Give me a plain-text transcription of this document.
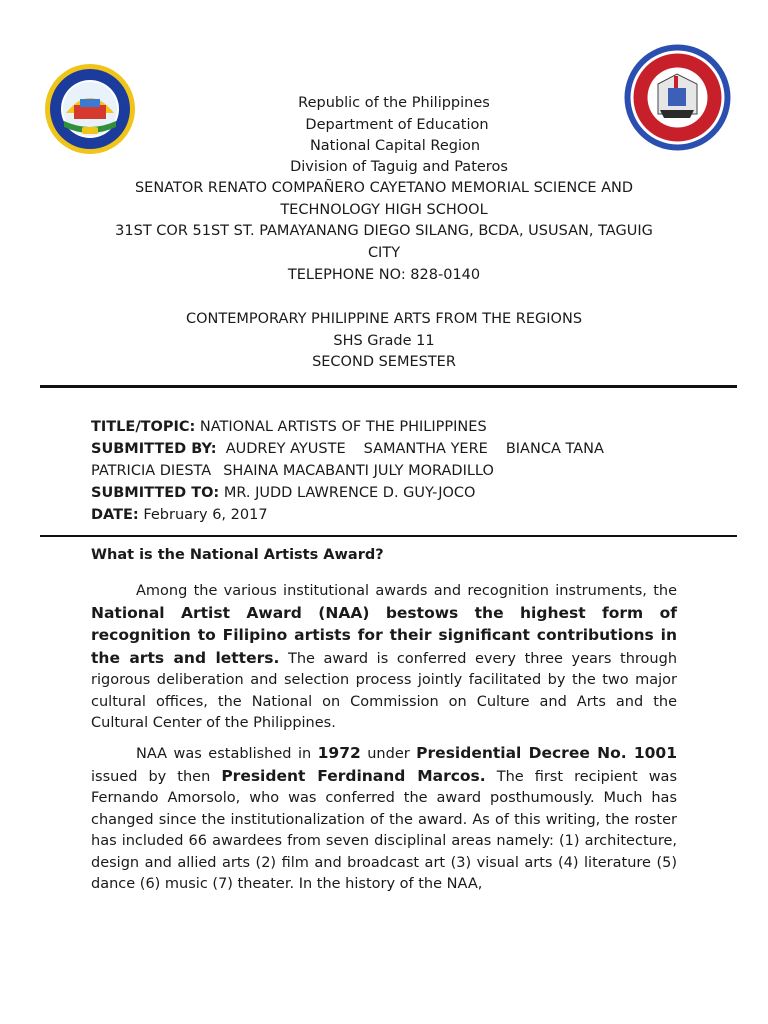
Republic of the Philippines
Department of Education
National Capital Region
Division of Taguig and Pateros
SENATOR RENATO COMPAÑERO CAYETANO MEMORIAL SCIENCE AND
TECHNOLOGY HIGH SCHOOL
31ST COR 51ST ST. PAMAYANANG DIEGO SILANG, BCDA, USUSAN, TAGUIG
CITY
TELEPHONE NO: 828-0140
CONTEMPORARY PHILIPPINE ARTS FROM THE REGIONS
SHS Grade 11
SECOND SEMESTER
TITLE/TOPIC: NATIONAL ARTISTS OF THE PHILIPPINES
SUBMITTED BY: AUDREY AYUSTE SAMANTHA YERE BIANCA TANA
PATRICIA DIESTA SHAINA MACABANTI JULY MORADILLO
SUBMITTED TO: MR. JUDD LAWRENCE D. GUY-JOCO
DATE: February 6, 2017
What is the National Artists Award?
Among the various institutional awards and recognition instruments, the National Artist Award (NAA) bestows the highest form of recognition to Filipino artists for their significant contributions in the arts and letters. The award is conferred every three years through rigorous deliberation and selection process jointly facilitated by the two major cultural offices, the National on Commission on Culture and Arts and the Cultural Center of the Philippines.
NAA was established in 1972 under Presidential Decree No. 1001 issued by then President Ferdinand Marcos. The first recipient was Fernando Amorsolo, who was conferred the award posthumously. Much has changed since the institutionalization of the award. As of this writing, the roster has included 66 awardees from seven disciplinal areas namely: (1) architecture, design and allied arts (2) film and broadcast art (3) visual arts (4) literature (5) dance (6) music (7) theater. In the history of the NAA,
